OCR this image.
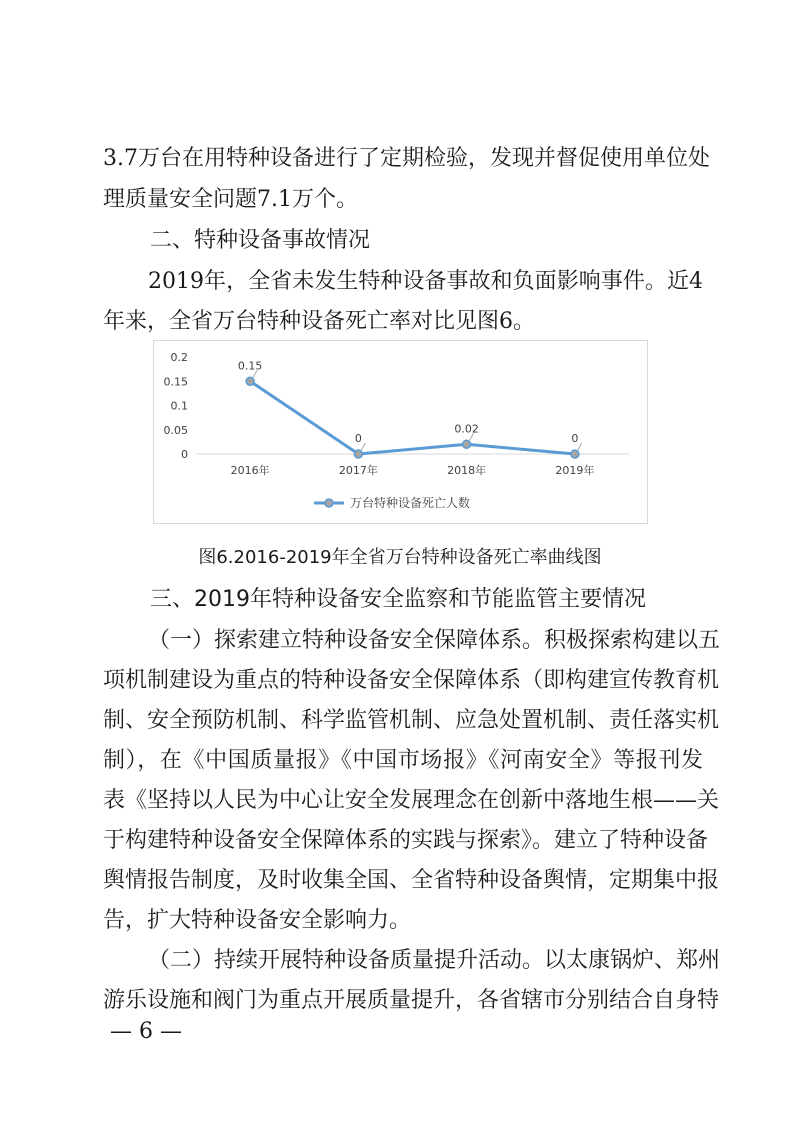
3.7万台在用特种设备进行了定期检验，发现并督促使用单位处
理质量安全问题7.1万个。
二、特种设备事故情况
2019年，全省未发生特种设备事故和负面影响事件。近4
年来，全省万台特种设备死亡率对比见图6。
0
0.05
0.1
0.15
0.2
2016年	2017年	2018年	2019年
0.15
0
0.02
0
万台特种设备死亡人数
图6.2016-2019年全省万台特种设备死亡率曲线图
三、2019年特种设备安全监察和节能监管主要情况
（一）探索建立特种设备安全保障体系。积极探索构建以五
项机制建设为重点的特种设备安全保障体系（即构建宣传教育机
制、安全预防机制、科学监管机制、应急处置机制、责任落实机
制），在《中国质量报》《中国市场报》《河南安全》等报刊发
表《坚持以人民为中心让安全发展理念在创新中落地生根——关
于构建特种设备安全保障体系的实践与探索》。建立了特种设备
舆情报告制度，及时收集全国、全省特种设备舆情，定期集中报
告，扩大特种设备安全影响力。
（二）持续开展特种设备质量提升活动。以太康锅炉、郑州
游乐设施和阀门为重点开展质量提升，各省辖市分别结合自身特
— 6 —
